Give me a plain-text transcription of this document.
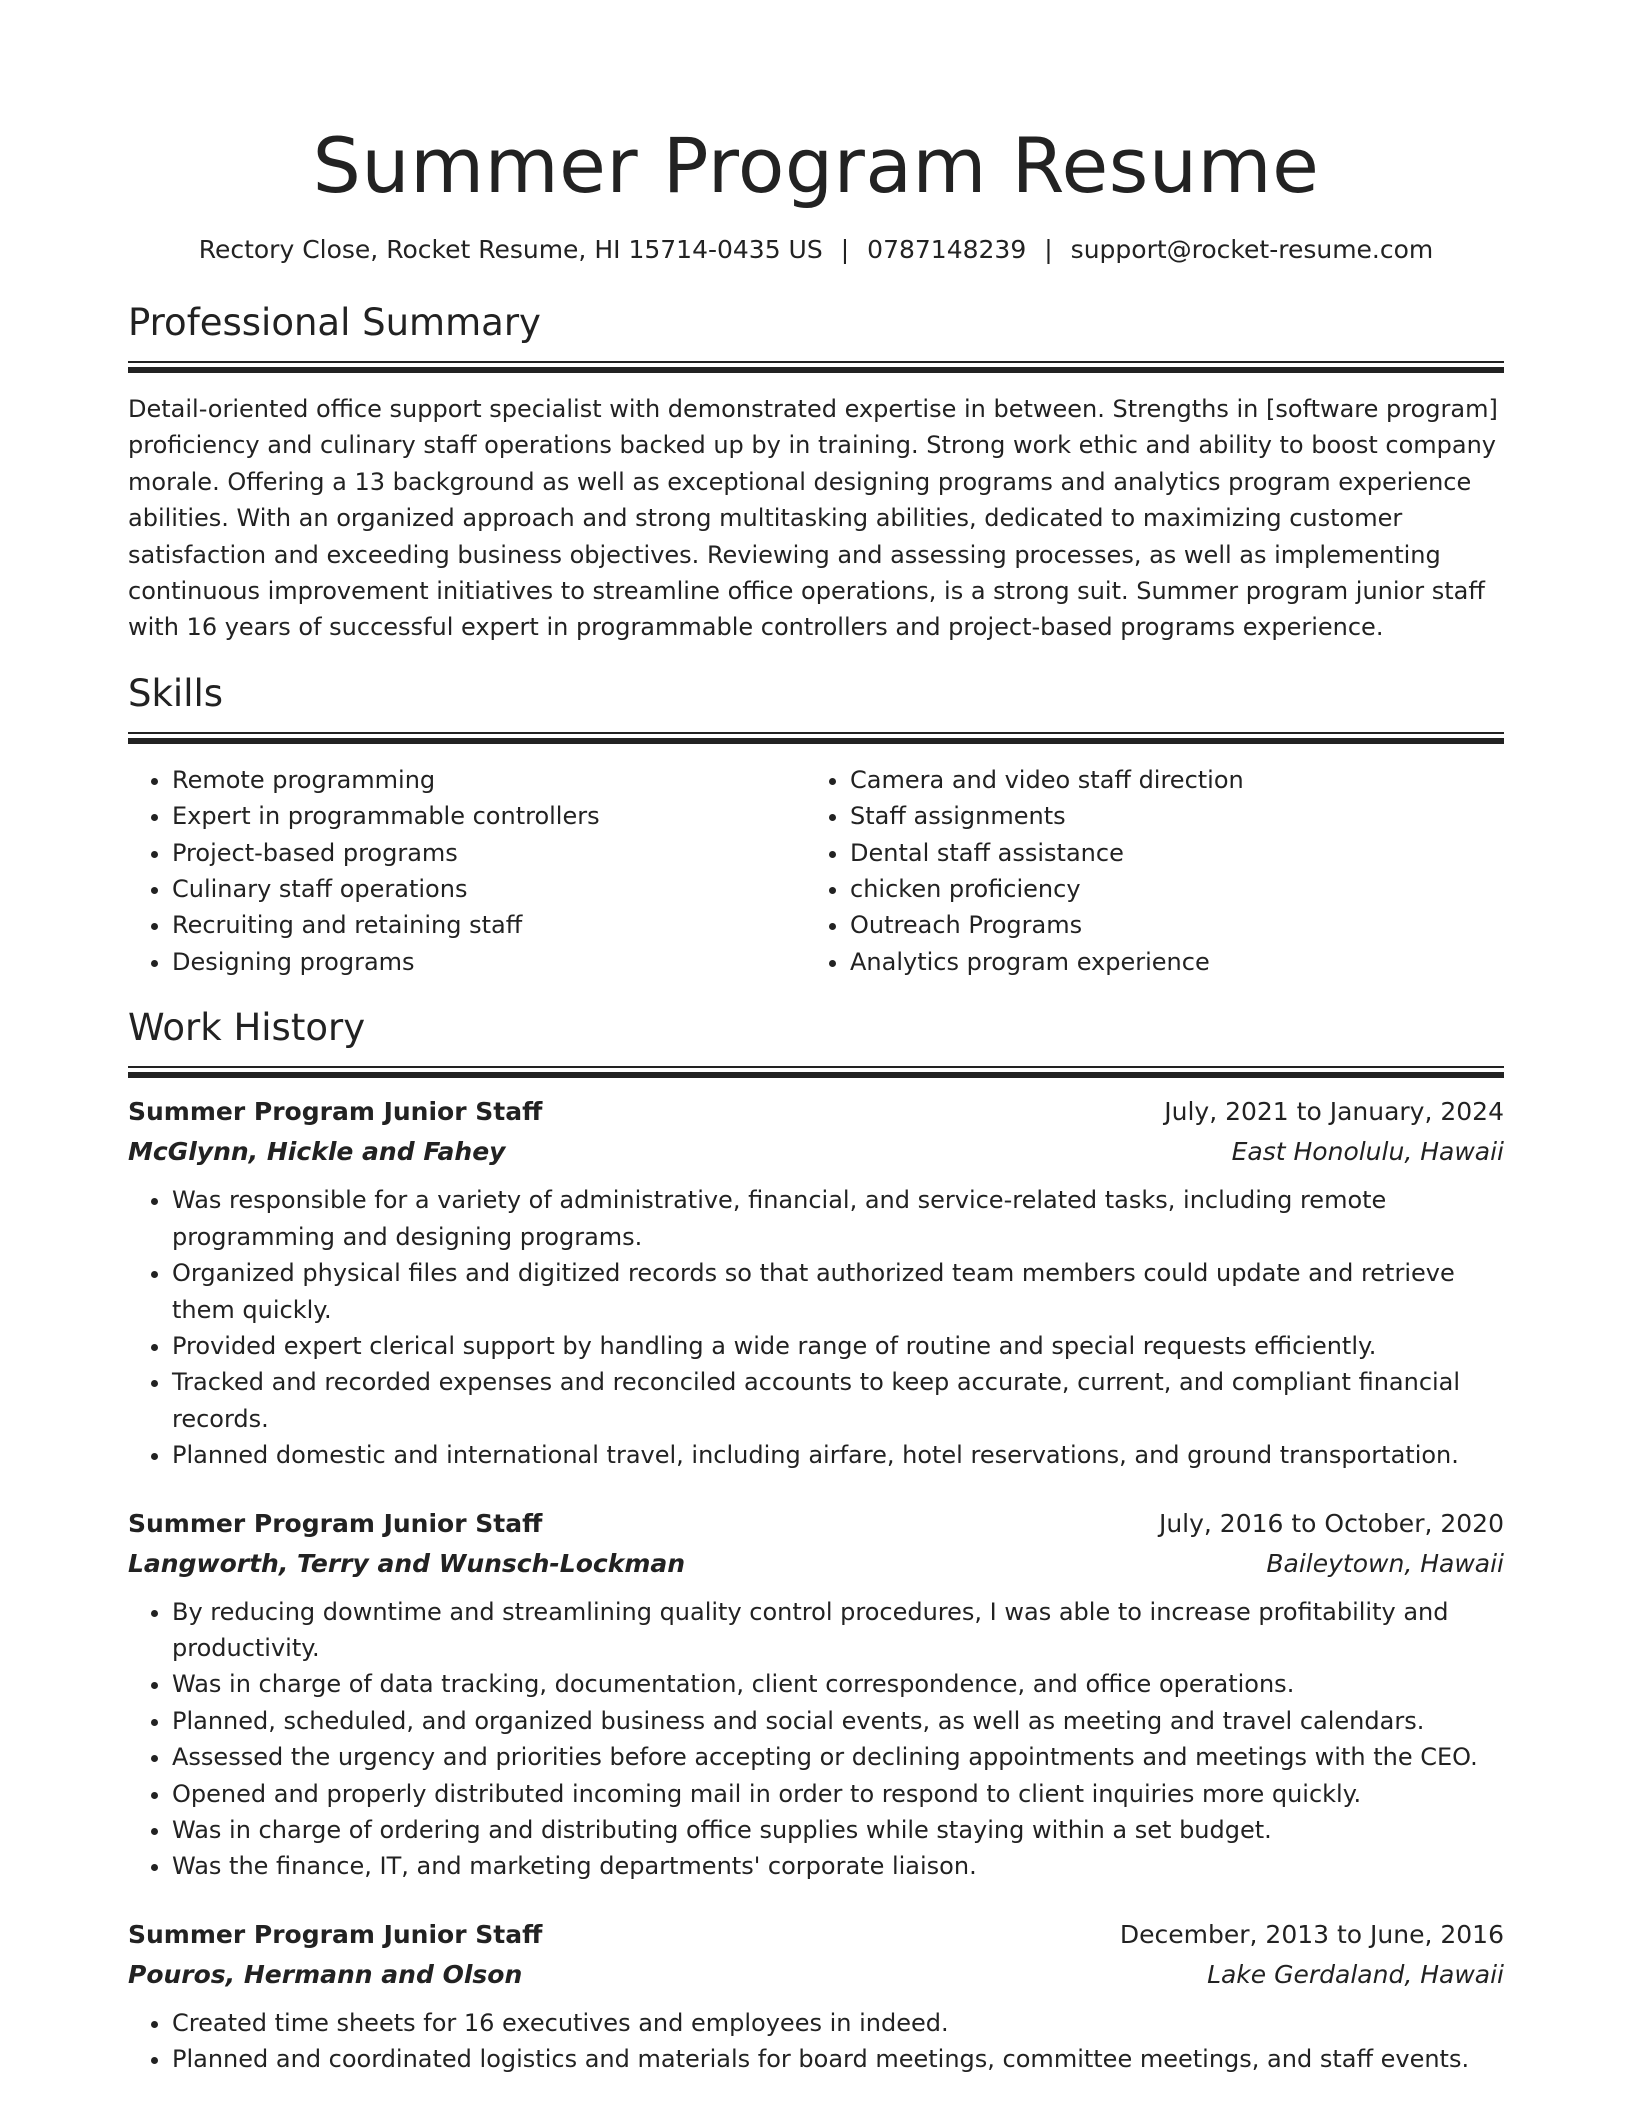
Summer Program Resume
Rectory Close, Rocket Resume, HI 15714-0435 US | 0787148239 | support@rocket-resume.com
Professional Summary

Detail-oriented office support specialist with demonstrated expertise in between. Strengths in [software program] proficiency and culinary staff operations backed up by in training. Strong work ethic and ability to boost company morale. Offering a 13 background as well as exceptional designing programs and analytics program experience abilities. With an organized approach and strong multitasking abilities, dedicated to maximizing customer satisfaction and exceeding business objectives. Reviewing and assessing processes, as well as implementing continuous improvement initiatives to streamline office operations, is a strong suit. Summer program junior staff with 16 years of successful expert in programmable controllers and project-based programs experience.

Skills
• Remote programming
• Expert in programmable controllers
• Project-based programs
• Culinary staff operations
• Recruiting and retaining staff
• Designing programs
• Camera and video staff direction
• Staff assignments
• Dental staff assistance
• chicken proficiency
• Outreach Programs
• Analytics program experience
Work History
Summer Program Junior Staff	July, 2021 to January, 2024
McGlynn, Hickle and Fahey	East Honolulu, Hawaii
• Was responsible for a variety of administrative, financial, and service-related tasks, including remote programming and designing programs.
• Organized physical files and digitized records so that authorized team members could update and retrieve them quickly.
• Provided expert clerical support by handling a wide range of routine and special requests efficiently.
• Tracked and recorded expenses and reconciled accounts to keep accurate, current, and compliant financial records.
• Planned domestic and international travel, including airfare, hotel reservations, and ground transportation.
Summer Program Junior Staff	July, 2016 to October, 2020
Langworth, Terry and Wunsch-Lockman	Baileytown, Hawaii
• By reducing downtime and streamlining quality control procedures, I was able to increase profitability and productivity.
• Was in charge of data tracking, documentation, client correspondence, and office operations.
• Planned, scheduled, and organized business and social events, as well as meeting and travel calendars.
• Assessed the urgency and priorities before accepting or declining appointments and meetings with the CEO.
• Opened and properly distributed incoming mail in order to respond to client inquiries more quickly.
• Was in charge of ordering and distributing office supplies while staying within a set budget.
• Was the finance, IT, and marketing departments' corporate liaison.
Summer Program Junior Staff	December, 2013 to June, 2016
Pouros, Hermann and Olson	Lake Gerdaland, Hawaii
• Created time sheets for 16 executives and employees in indeed.
• Planned and coordinated logistics and materials for board meetings, committee meetings, and staff events.
